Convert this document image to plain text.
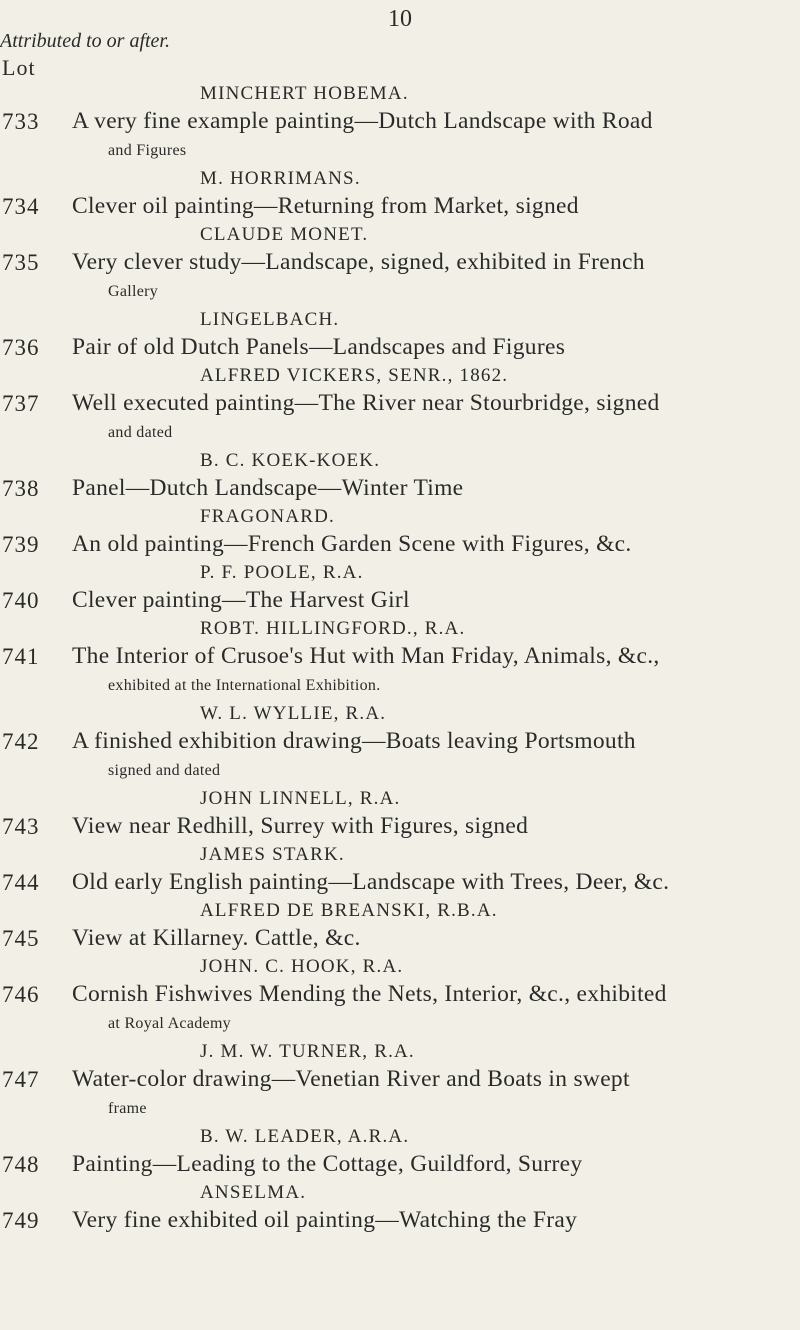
10
Attributed to or after.
Lot
MINCHERT HOBEMA.
733 A very fine example painting—Dutch Landscape with Road
and Figures
M. HORRIMANS.
734 Clever oil painting—Returning from Market, signed
CLAUDE MONET.
735 Very clever study—Landscape, signed, exhibited in French
Gallery
LINGELBACH.
736 Pair of old Dutch Panels—Landscapes and Figures
ALFRED VICKERS, SENR., 1862.
737 Well executed painting—The River near Stourbridge, signed
and dated
B. C. KOEK-KOEK.
738 Panel—Dutch Landscape—Winter Time
FRAGONARD.
739 An old painting—French Garden Scene with Figures, &c.
P. F. POOLE, R.A.
740 Clever painting—The Harvest Girl
ROBT. HILLINGFORD., R.A.
741 The Interior of Crusoe's Hut with Man Friday, Animals, &c.,
exhibited at the International Exhibition.
W. L. WYLLIE, R.A.
742 A finished exhibition drawing—Boats leaving Portsmouth
signed and dated
JOHN LINNELL, R.A.
743 View near Redhill, Surrey with Figures, signed
JAMES STARK.
744 Old early English painting—Landscape with Trees, Deer, &c.
ALFRED DE BREANSKI, R.B.A.
745 View at Killarney. Cattle, &c.
JOHN. C. HOOK, R.A.
746 Cornish Fishwives Mending the Nets, Interior, &c., exhibited
at Royal Academy
J. M. W. TURNER, R.A.
747 Water-color drawing—Venetian River and Boats in swept
frame
B. W. LEADER, A.R.A.
748 Painting—Leading to the Cottage, Guildford, Surrey
ANSELMA.
749 Very fine exhibited oil painting—Watching the Fray
